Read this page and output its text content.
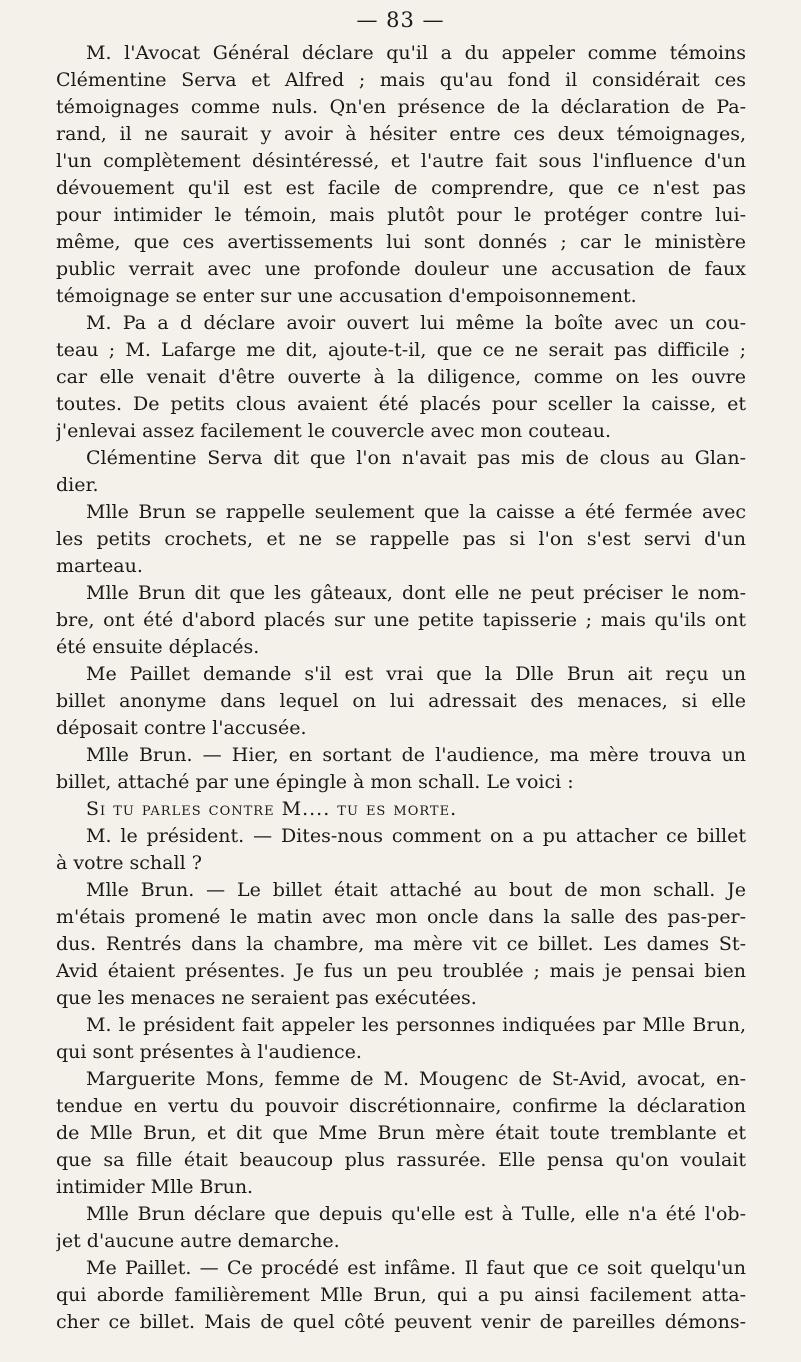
— 83 —
M. l'Avocat Général déclare qu'il a du appeler comme témoins
Clémentine Serva et Alfred ; mais qu'au fond il considérait ces
témoignages comme nuls. Qn'en présence de la déclaration de Pa-
rand, il ne saurait y avoir à hésiter entre ces deux témoignages,
l'un complètement désintéressé, et l'autre fait sous l'influence d'un
dévouement qu'il est est facile de comprendre, que ce n'est pas
pour intimider le témoin, mais plutôt pour le protéger contre lui-
même, que ces avertissements lui sont donnés ; car le ministère
public verrait avec une profonde douleur une accusation de faux
témoignage se enter sur une accusation d'empoisonnement.
M. Pa a d déclare avoir ouvert lui même la boîte avec un cou-
teau ; M. Lafarge me dit, ajoute-t-il, que ce ne serait pas difficile ;
car elle venait d'être ouverte à la diligence, comme on les ouvre
toutes. De petits clous avaient été placés pour sceller la caisse, et
j'enlevai assez facilement le couvercle avec mon couteau.
Clémentine Serva dit que l'on n'avait pas mis de clous au Glan-
dier.
Mlle Brun se rappelle seulement que la caisse a été fermée avec
les petits crochets, et ne se rappelle pas si l'on s'est servi d'un
marteau.
Mlle Brun dit que les gâteaux, dont elle ne peut préciser le nom-
bre, ont été d'abord placés sur une petite tapisserie ; mais qu'ils ont
été ensuite déplacés.
Me Paillet demande s'il est vrai que la Dlle Brun ait reçu un
billet anonyme dans lequel on lui adressait des menaces, si elle
déposait contre l'accusée.
Mlle Brun. — Hier, en sortant de l'audience, ma mère trouva un
billet, attaché par une épingle à mon schall. Le voici :
Si tu parles contre M.... tu es morte.
M. le président. — Dites-nous comment on a pu attacher ce billet
à votre schall ?
Mlle Brun. — Le billet était attaché au bout de mon schall. Je
m'étais promené le matin avec mon oncle dans la salle des pas-per-
dus. Rentrés dans la chambre, ma mère vit ce billet. Les dames St-
Avid étaient présentes. Je fus un peu troublée ; mais je pensai bien
que les menaces ne seraient pas exécutées.
M. le président fait appeler les personnes indiquées par Mlle Brun,
qui sont présentes à l'audience.
Marguerite Mons, femme de M. Mougenc de St-Avid, avocat, en-
tendue en vertu du pouvoir discrétionnaire, confirme la déclaration
de Mlle Brun, et dit que Mme Brun mère était toute tremblante et
que sa fille était beaucoup plus rassurée. Elle pensa qu'on voulait
intimider Mlle Brun.
Mlle Brun déclare que depuis qu'elle est à Tulle, elle n'a été l'ob-
jet d'aucune autre demarche.
Me Paillet. — Ce procédé est infâme. Il faut que ce soit quelqu'un
qui aborde familièrement Mlle Brun, qui a pu ainsi facilement atta-
cher ce billet. Mais de quel côté peuvent venir de pareilles démons-
